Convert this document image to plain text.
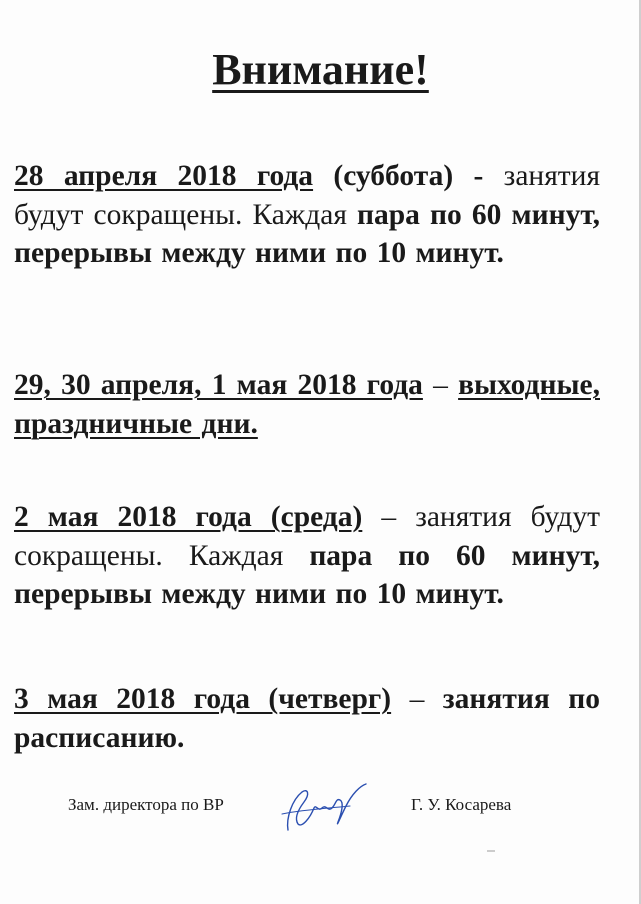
Внимание!
28 апреля 2018 года (суббота) - занятия будут сокращены. Каждая пара по 60 минут, перерывы между ними по 10 минут.
29, 30 апреля, 1 мая 2018 года – выходные, праздничные дни.
2 мая 2018 года (среда) – занятия будут сокращены. Каждая пара по 60 минут, перерывы между ними по 10 минут.
3 мая 2018 года (четверг) – занятия по расписанию.
Зам. директора по ВР	Г. У. Косарева
